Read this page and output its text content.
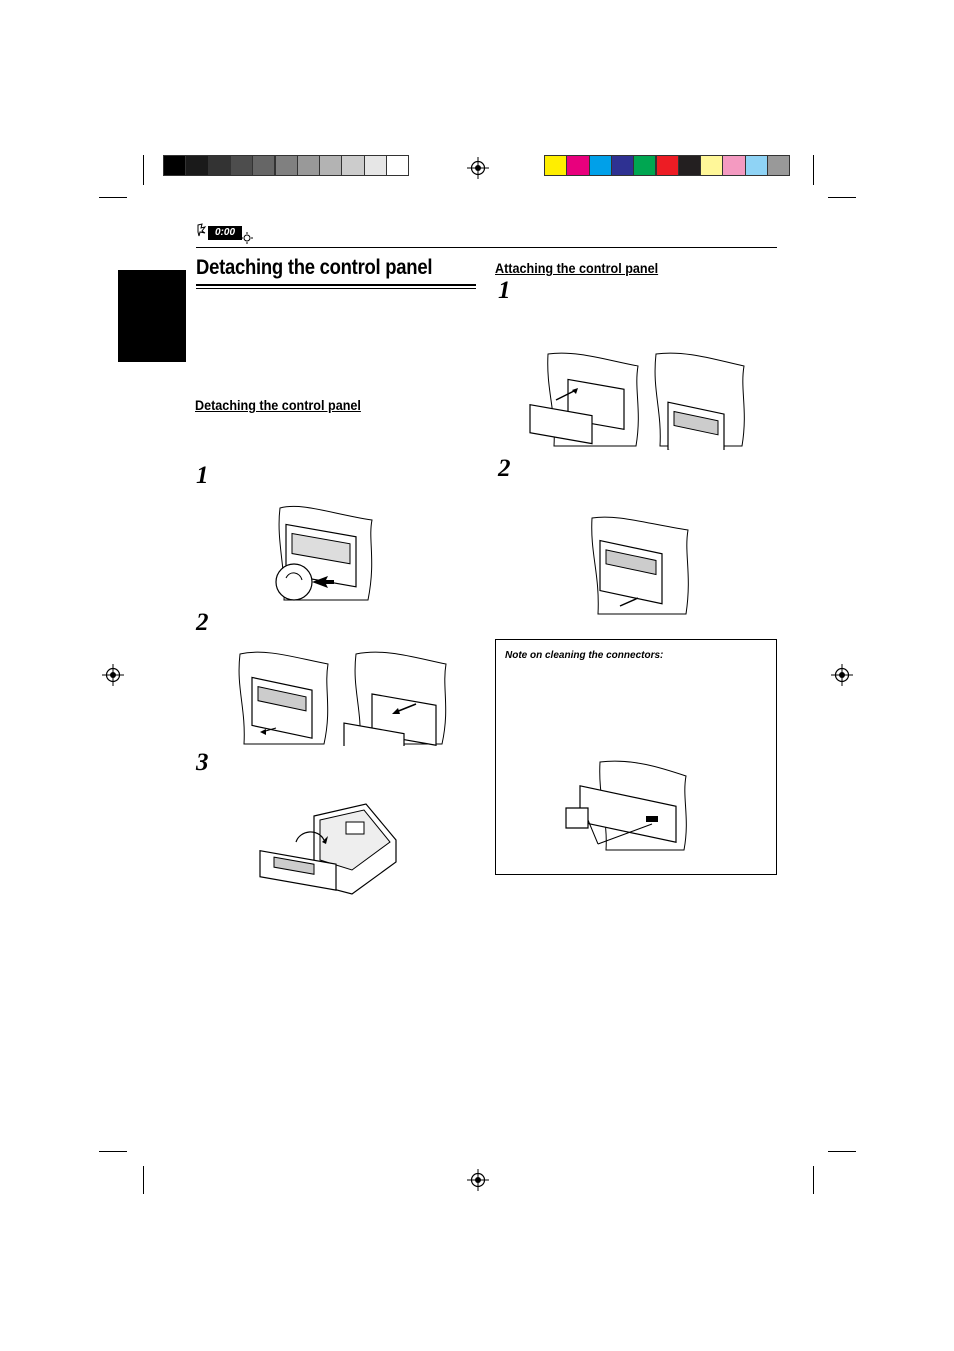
0:00
Detaching the control panel
Detaching the control panel
1
2
3
Attaching the control panel
1
2
Note on cleaning the connectors:
